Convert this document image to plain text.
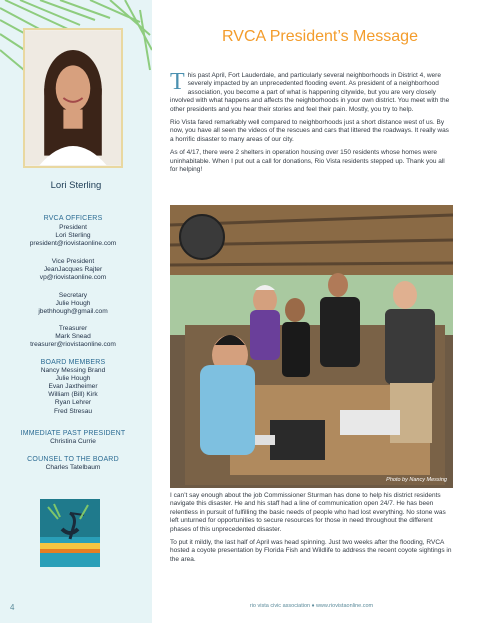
Lori Sterling
RVCA OFFICERS
President
Lori Sterling
president@riovistaonline.com
Vice President
JeanJacques Rajter
vp@riovistaonline.com
Secretary
Julie Hough
jbethhough@gmail.com
Treasurer
Mark Snead
treasurer@riovistaonline.com
BOARD MEMBERS
Nancy Messing Brand
Julie Hough
Evan Jaxtheimer
William (Bill) Kirk
Ryan Lehrer
Fred Stresau
IMMEDIATE PAST PRESIDENT
Christina Currie
COUNSEL TO THE BOARD
Charles Tatelbaum
4
RVCA President’s Message

This past April, Fort Lauderdale, and particularly several neighborhoods in District 4, were severely impacted by an unprecedented flooding event. As president of a neighborhood association, you become a part of what is happening citywide, but you are very closely involved with what happens and affects the neighborhoods in your own district. You meet with the other presidents and you hear their stories and feel their pain. Mostly, you try to help.

Rio Vista fared remarkably well compared to neighborhoods just a short distance west of us. By now, you have all seen the videos of the rescues and cars that littered the roadways. It really was a horrific disaster to many areas of our city.

As of 4/17, there were 2 shelters in operation housing over 150 residents whose homes were uninhabitable. When I put out a call for donations, Rio Vista residents stepped up. Thank you all for helping!

Photo by Nancy Messing

I can’t say enough about the job Commissioner Sturman has done to help his district residents navigate this disaster. He and his staff had a line of communication open 24/7. He has been relentless in pursuit of fulfilling the basic needs of people who had lost everything. No stone was left unturned for opportunities to secure resources for those in need throughout the different phases of this unprecedented disaster.

To put it mildly, the last half of April was head spinning. Just two weeks after the flooding, RVCA hosted a coyote presentation by Florida Fish and Wildlife to address the recent coyote sightings in the area.

rio vista civic association ♦ www.riovistaonline.com
